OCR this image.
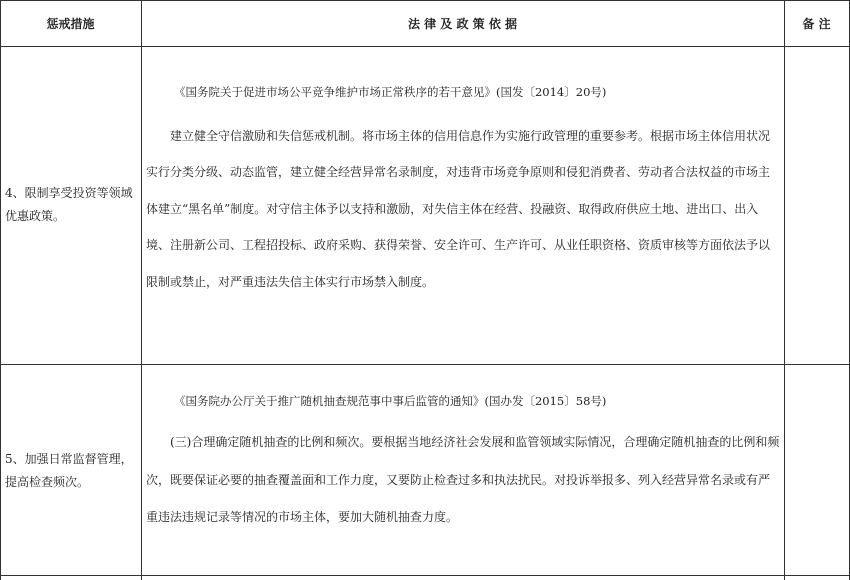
惩戒措施	法 律 及 政 策 依 据	备 注
4、限制享受投资等领域优惠政策。
《国务院关于促进市场公平竞争维护市场正常秩序的若干意见》(国发〔2014〕20号)
　　建立健全守信激励和失信惩戒机制。将市场主体的信用信息作为实施行政管理的重要参考。根据市场主体信用状况实行分类分级、动态监管，建立健全经营异常名录制度，对违背市场竞争原则和侵犯消费者、劳动者合法权益的市场主体建立“黑名单”制度。对守信主体予以支持和激励，对失信主体在经营、投融资、取得政府供应土地、进出口、出入境、注册新公司、工程招投标、政府采购、获得荣誉、安全许可、生产许可、从业任职资格、资质审核等方面依法予以限制或禁止，对严重违法失信主体实行市场禁入制度。
5、加强日常监督管理，提高检查频次。
《国务院办公厅关于推广随机抽查规范事中事后监管的通知》(国办发〔2015〕58号)
　　(三)合理确定随机抽查的比例和频次。要根据当地经济社会发展和监管领域实际情况，合理确定随机抽查的比例和频次，既要保证必要的抽查覆盖面和工作力度，又要防止检查过多和执法扰民。对投诉举报多、列入经营异常名录或有严重违法违规记录等情况的市场主体，要加大随机抽查力度。
